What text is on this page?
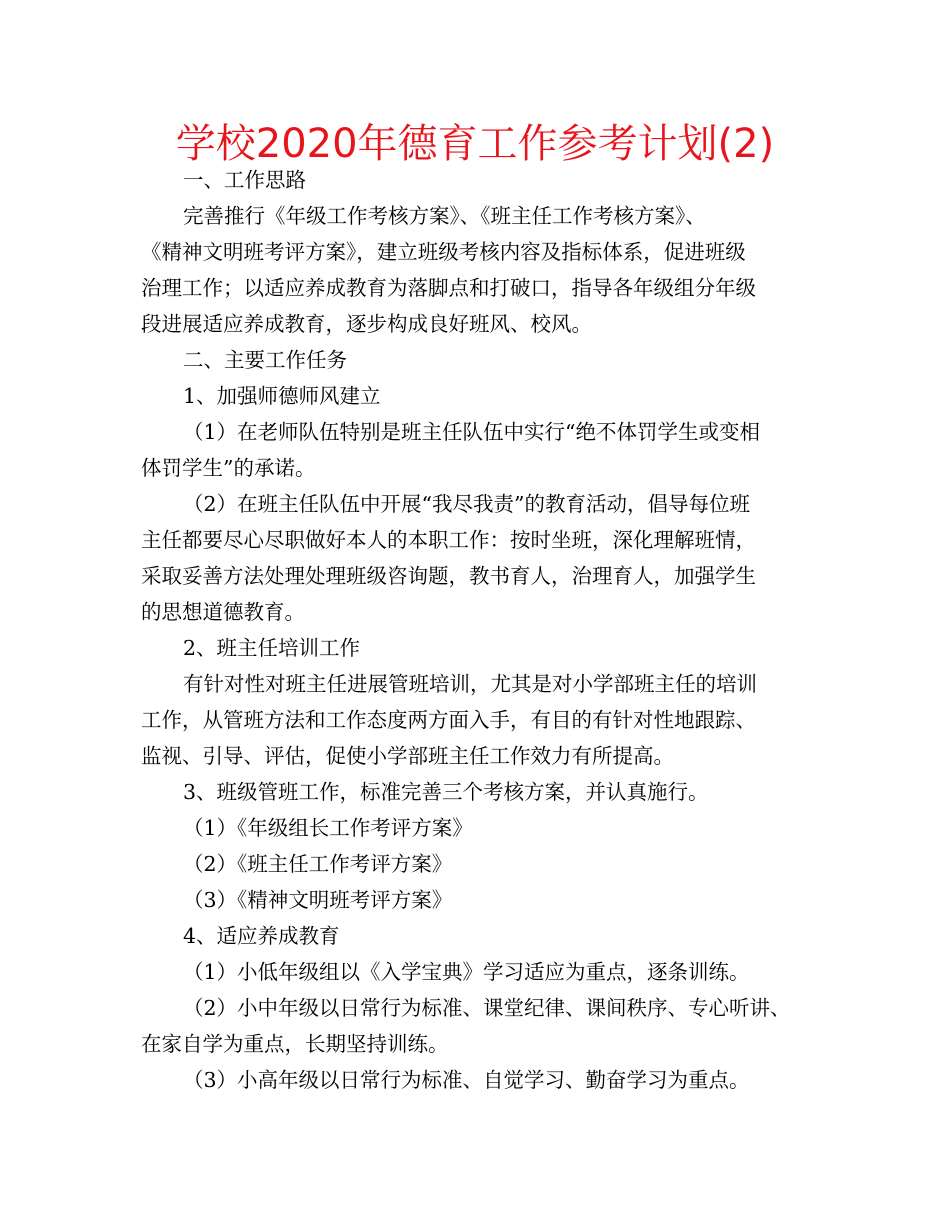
学校2020年德育工作参考计划(2)

一、工作思路

完善推行《年级工作考核方案》、《班主任工作考核方案》、

《精神文明班考评方案》，建立班级考核内容及指标体系，促进班级

治理工作；以适应养成教育为落脚点和打破口，指导各年级组分年级

段进展适应养成教育，逐步构成良好班风、校风。

二、主要工作任务

1、加强师德师风建立

（1）在老师队伍特别是班主任队伍中实行“绝不体罚学生或变相

体罚学生”的承诺。

（2）在班主任队伍中开展“我尽我责”的教育活动，倡导每位班

主任都要尽心尽职做好本人的本职工作：按时坐班，深化理解班情，

采取妥善方法处理处理班级咨询题，教书育人，治理育人，加强学生

的思想道德教育。

2、班主任培训工作

有针对性对班主任进展管班培训，尤其是对小学部班主任的培训

工作，从管班方法和工作态度两方面入手，有目的有针对性地跟踪、

监视、引导、评估，促使小学部班主任工作效力有所提高。

3、班级管班工作，标准完善三个考核方案，并认真施行。

（1）《年级组长工作考评方案》

（2）《班主任工作考评方案》

（3）《精神文明班考评方案》

4、适应养成教育

（1）小低年级组以《入学宝典》学习适应为重点，逐条训练。

（2）小中年级以日常行为标准、课堂纪律、课间秩序、专心听讲、

在家自学为重点，长期坚持训练。

（3）小高年级以日常行为标准、自觉学习、勤奋学习为重点。
